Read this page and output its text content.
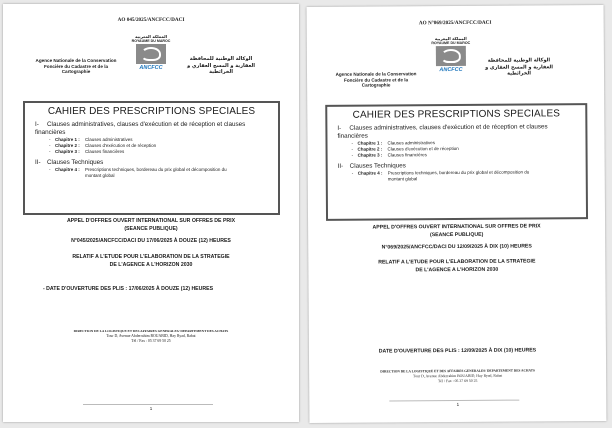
AO 045/2025/ANCFCC/DACI
المملكة المغربية
ROYAUME DU MAROC
ANCFCC
Agence Nationale de la Conservation Foncière du Cadastre et de la Cartographie
الوكالة الوطنية للمحافظة العقارية و المسح العقاري و الخرائطية
CAHIER DES PRESCRIPTIONS SPECIALES
I- Clauses administratives, clauses d'exécution et de réception et clauses financières
- Chapitre 1 : Clauses administratives
- Chapitre 2 : Clauses d'exécution et de réception
- Chapitre 3 : Clauses financières
II- Clauses Techniques
- Chapitre 4 : Prescriptions techniques, bordereau du prix global et décomposition du montant global
APPEL D'OFFRES OUVERT INTERNATIONAL SUR OFFRES DE PRIX
(SEANCE PUBLIQUE)
N°045/2025/ANCFCC/DACI DU 17/06/2025 À DOUZE (12) HEURES
RELATIF A L'ETUDE POUR L'ELABORATION DE LA STRATEGIE
DE L'AGENCE A L'HORIZON 2030
- DATE D'OUVERTURE DES PLIS : 17/06/2025 À DOUZE (12) HEURES
DIRECTION DE LA LOGISTIQUE ET DES AFFAIRES GENERALES/ DEPARTEMENT DES ACHATS
Tour D, Avenue Abderrahim BOUABID, Hay Ryad, Rabat
Tél / Fax : 05 37 69 50 25
1
AO N°069/2025/ANCFCC/DACI
المملكة المغربية
ROYAUME DU MAROC
ANCFCC
Agence Nationale de la Conservation Foncière du Cadastre et de la Cartographie
الوكالة الوطنية للمحافظة العقارية و المسح العقاري و الخرائطية
CAHIER DES PRESCRIPTIONS SPECIALES
I- Clauses administratives, clauses d'exécution et de réception et clauses financières
- Chapitre 1 : Clauses administratives
- Chapitre 2 : Clauses d'exécution et de réception
- Chapitre 3 : Clauses financières
II- Clauses Techniques
- Chapitre 4 : Prescriptions techniques, bordereau du prix global et décomposition du montant global
APPEL D'OFFRES OUVERT INTERNATIONAL SUR OFFRES DE PRIX
(SEANCE PUBLIQUE)
N°069/2025/ANCFCC/DACI DU 12/09/2025 À DIX (10) HEURES
RELATIF A L'ETUDE POUR L'ELABORATION DE LA STRATEGIE
DE L'AGENCE A L'HORIZON 2030
DATE D'OUVERTURE DES PLIS : 12/09/2025 À DIX (10) HEURES
DIRECTION DE LA LOGISTIQUE ET DES AFFAIRES GENERALES/ DEPARTEMENT DES ACHATS
Tour D, Avenue Abderrahim BOUABID, Hay Ryad, Rabat
Tél / Fax : 05 37 69 50 25
1
